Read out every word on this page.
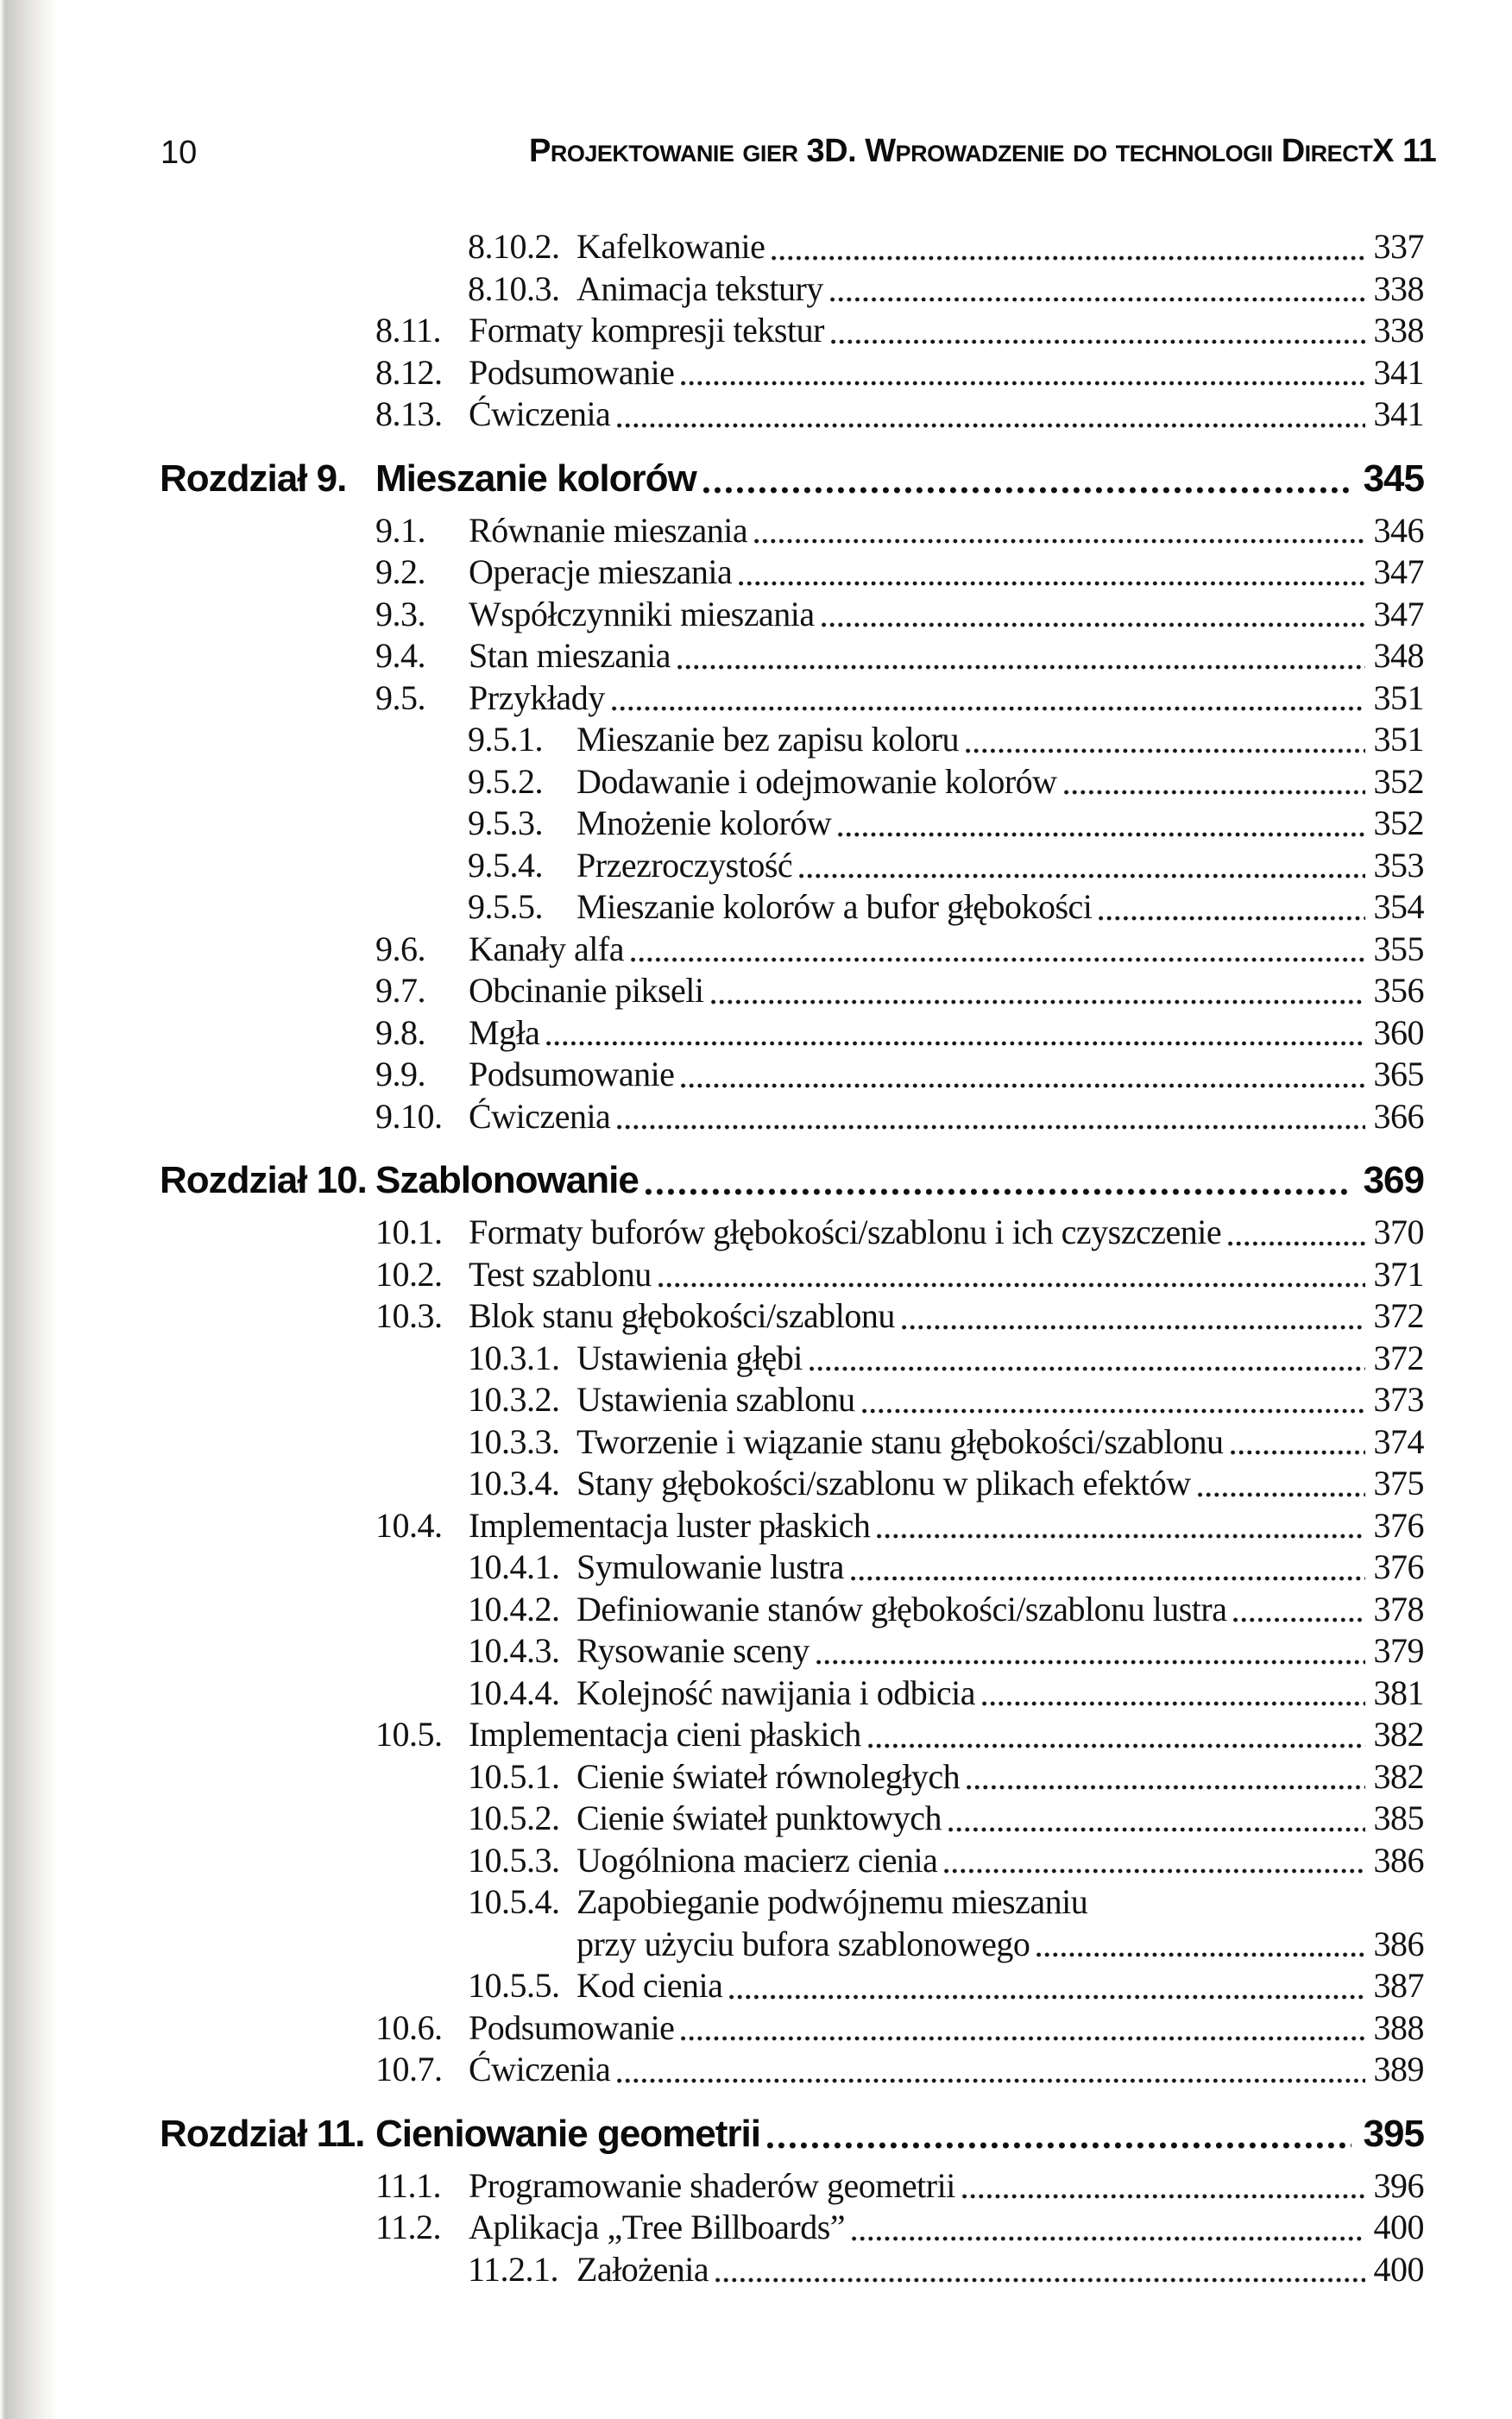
10	Projektowanie gier 3D. Wprowadzenie do technologii DirectX 11
8.10.2. Kafelkowanie	337
8.10.3. Animacja tekstury	338
8.11. Formaty kompresji tekstur	338
8.12. Podsumowanie	341
8.13. Ćwiczenia	341
Rozdział 9. Mieszanie kolorów	345
9.1.	Równanie mieszania	346
9.2.	Operacje mieszania	347
9.3.	Współczynniki mieszania	347
9.4.	Stan mieszania	348
9.5.	Przykłady	351
9.5.1. Mieszanie bez zapisu koloru	351
9.5.2. Dodawanie i odejmowanie kolorów	352
9.5.3. Mnożenie kolorów	352
9.5.4. Przezroczystość	353
9.5.5. Mieszanie kolorów a bufor głębokości	354
9.6.	Kanały alfa	355
9.7.	Obcinanie pikseli	356
9.8.	Mgła	360
9.9.	Podsumowanie	365
9.10. Ćwiczenia	366
Rozdział 10. Szablonowanie	369
10.1. Formaty buforów głębokości/szablonu i ich czyszczenie	370
10.2. Test szablonu	371
10.3. Blok stanu głębokości/szablonu	372
10.3.1. Ustawienia głębi	372
10.3.2. Ustawienia szablonu	373
10.3.3. Tworzenie i wiązanie stanu głębokości/szablonu	374
10.3.4. Stany głębokości/szablonu w plikach efektów	375
10.4. Implementacja luster płaskich	376
10.4.1. Symulowanie lustra	376
10.4.2. Definiowanie stanów głębokości/szablonu lustra	378
10.4.3. Rysowanie sceny	379
10.4.4. Kolejność nawijania i odbicia	381
10.5. Implementacja cieni płaskich	382
10.5.1. Cienie świateł równoległych	382
10.5.2. Cienie świateł punktowych	385
10.5.3. Uogólniona macierz cienia	386
10.5.4. Zapobieganie podwójnemu mieszaniu
przy użyciu bufora szablonowego	386
10.5.5. Kod cienia	387
10.6. Podsumowanie	388
10.7. Ćwiczenia	389
Rozdział 11. Cieniowanie geometrii	395
11.1. Programowanie shaderów geometrii	396
11.2. Aplikacja „Tree Billboards”	400
11.2.1. Założenia	400
